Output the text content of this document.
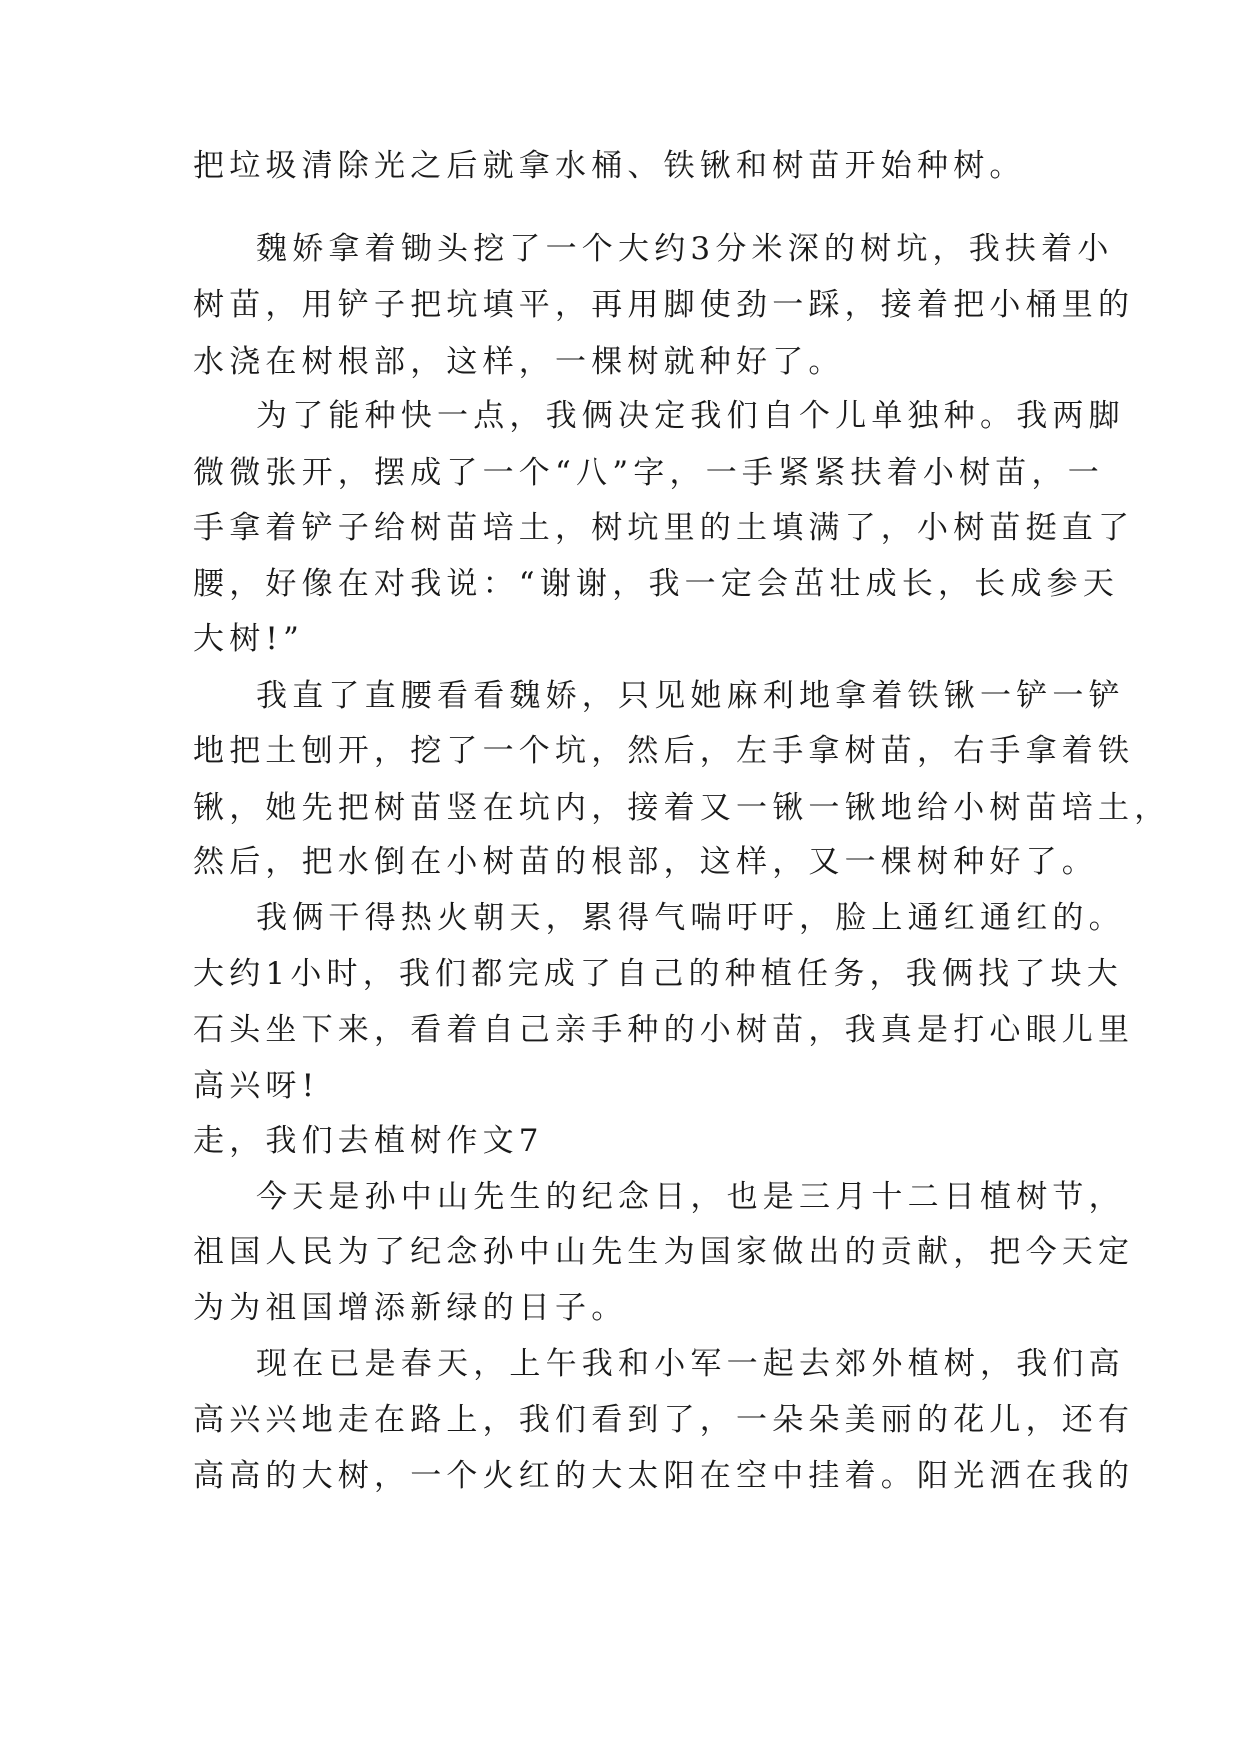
把垃圾清除光之后就拿水桶、铁锹和树苗开始种树。
魏娇拿着锄头挖了一个大约3分米深的树坑，我扶着小
树苗，用铲子把坑填平，再用脚使劲一踩，接着把小桶里的
水浇在树根部，这样，一棵树就种好了。
为了能种快一点，我俩决定我们自个儿单独种。我两脚
微微张开，摆成了一个“八”字，一手紧紧扶着小树苗，一
手拿着铲子给树苗培土，树坑里的土填满了，小树苗挺直了
腰，好像在对我说：“谢谢，我一定会茁壮成长，长成参天
大树!”
我直了直腰看看魏娇，只见她麻利地拿着铁锹一铲一铲
地把土刨开，挖了一个坑，然后，左手拿树苗，右手拿着铁
锹，她先把树苗竖在坑内，接着又一锹一锹地给小树苗培土，
然后，把水倒在小树苗的根部，这样，又一棵树种好了。
我俩干得热火朝天，累得气喘吁吁，脸上通红通红的。
大约1小时，我们都完成了自己的种植任务，我俩找了块大
石头坐下来，看着自己亲手种的小树苗，我真是打心眼儿里
高兴呀!
走，我们去植树作文7
今天是孙中山先生的纪念日，也是三月十二日植树节，
祖国人民为了纪念孙中山先生为国家做出的贡献，把今天定
为为祖国增添新绿的日子。
现在已是春天，上午我和小军一起去郊外植树，我们高
高兴兴地走在路上，我们看到了，一朵朵美丽的花儿，还有
高高的大树，一个火红的大太阳在空中挂着。阳光洒在我的
